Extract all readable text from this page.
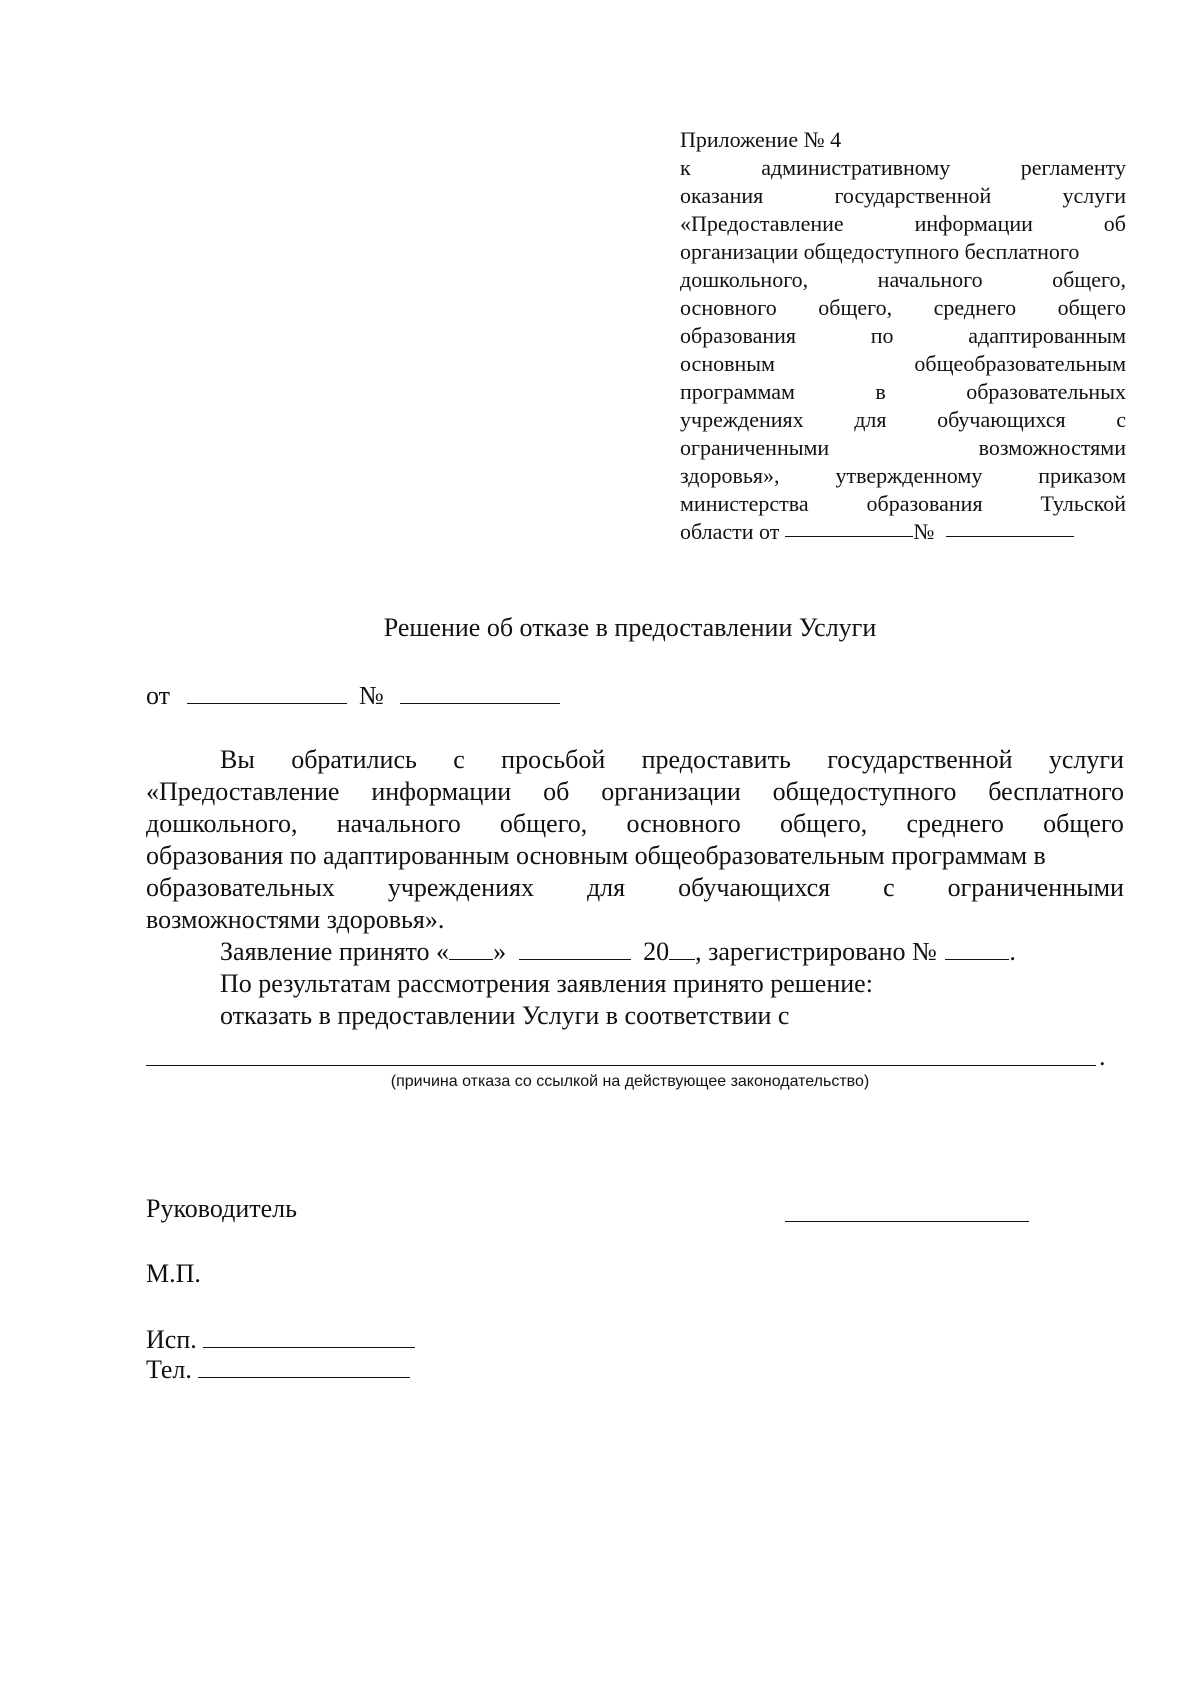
Приложение № 4
к	административному	регламенту
оказания	государственной	услуги
«Предоставление	информации	об
организации общедоступного бесплатного
дошкольного,	начального	общего,
основного общего, среднего общего
образования	по	адаптированным
основным	общеобразовательным
программам	в	образовательных
учреждениях для обучающихся с
ограниченными	возможностями
здоровья»,	утвержденному	приказом
министерства	образования	Тульской
области от	№
Решение об отказе в предоставлении Услуги
от	№
Вы обратились с просьбой предоставить государственной услуги
«Предоставление информации об организации общедоступного бесплатного
дошкольного, начального общего, основного общего, среднего общего
образования по адаптированным основным общеобразовательным программам в
образовательных учреждениях для обучающихся с ограниченными
возможностями здоровья».
Заявление принято « »	20 , зарегистрировано №	.
По результатам рассмотрения заявления принято решение:
отказать в предоставлении Услуги в соответствии с
.
(причина отказа со ссылкой на действующее законодательство)
Руководитель
М.П.
Исп.
Тел.
